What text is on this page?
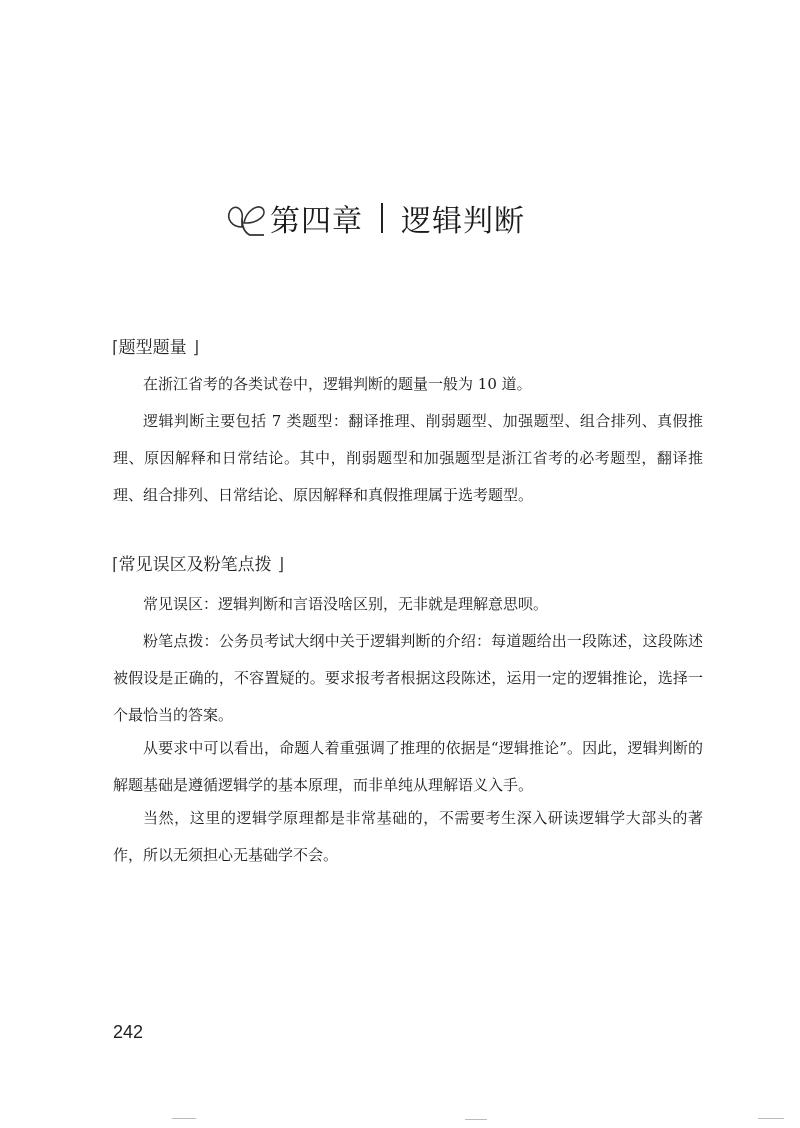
第四章 逻辑判断
⌈题型题量 ⌋

在浙江省考的各类试卷中，逻辑判断的题量一般为 10 道。

逻辑判断主要包括 7 类题型：翻译推理、削弱题型、加强题型、组合排列、真假推理、原因解释和日常结论。其中，削弱题型和加强题型是浙江省考的必考题型，翻译推理、组合排列、日常结论、原因解释和真假推理属于选考题型。

⌈常见误区及粉笔点拨 ⌋

常见误区：逻辑判断和言语没啥区别，无非就是理解意思呗。

粉笔点拨：公务员考试大纲中关于逻辑判断的介绍：每道题给出一段陈述，这段陈述被假设是正确的，不容置疑的。要求报考者根据这段陈述，运用一定的逻辑推论，选择一个最恰当的答案。

从要求中可以看出，命题人着重强调了推理的依据是“逻辑推论”。因此，逻辑判断的解题基础是遵循逻辑学的基本原理，而非单纯从理解语义入手。

当然，这里的逻辑学原理都是非常基础的，不需要考生深入研读逻辑学大部头的著作，所以无须担心无基础学不会。

242
